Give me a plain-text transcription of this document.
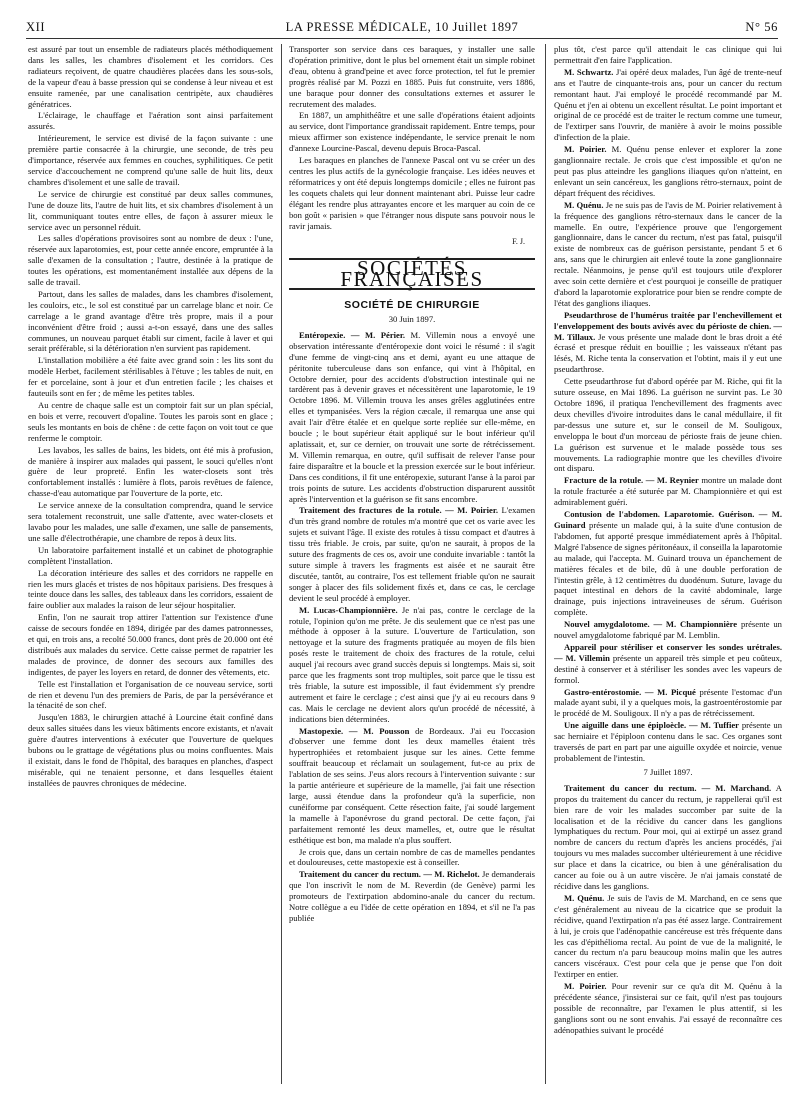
XII	LA PRESSE MÉDICALE, 10 Juillet 1897	N° 56

est assuré par tout un ensemble de radiateurs placés méthodiquement dans les salles, les chambres d'isolement et les corridors. Ces radiateurs reçoivent, de quatre chaudières placées dans les sous-sols, de la vapeur d'eau à basse pression qui se condense à leur niveau et est ensuite ramenée, par une canalisation centripète, aux chaudières génératrices.

L'éclairage, le chauffage et l'aération sont ainsi parfaitement assurés.

Intérieurement, le service est divisé de la façon suivante : une première partie consacrée à la chirurgie, une seconde, de très peu d'importance, réservée aux femmes en couches, syphilitiques. Ce petit service d'accouchement ne comprend qu'une salle de huit lits, deux chambres d'isolement et une salle de travail.

Le service de chirurgie est constitué par deux salles communes, l'une de douze lits, l'autre de huit lits, et six chambres d'isolement à un lit, communiquant toutes entre elles, de façon à assurer mieux le service avec un personnel réduit.

Les salles d'opérations provisoires sont au nombre de deux : l'une, réservée aux laparotomies, est, pour cette année encore, empruntée à la salle d'examen de la consultation ; l'autre, destinée à la pratique de toutes les opérations, est momentanément installée aux dépens de la salle de travail.

Partout, dans les salles de malades, dans les chambres d'isolement, les couloirs, etc., le sol est constitué par un carrelage blanc et noir. Ce carrelage a le grand avantage d'être très propre, mais il a pour inconvénient d'être froid ; aussi a-t-on essayé, dans une des salles communes, un nouveau parquet établi sur ciment, facile à laver et qui serait préférable, si la détérioration n'en survient pas rapidement.

L'installation mobilière a été faite avec grand soin : les lits sont du modèle Herbet, facilement stérilisables à l'étuve ; les tables de nuit, en fer et porcelaine, sont à jour et d'un entretien facile ; les chaises et fauteuils sont en fer ; de même les petites tables.

Au centre de chaque salle est un comptoir fait sur un plan spécial, en bois et verre, recouvert d'opaline. Toutes les parois sont en glace ; seuls les montants en bois de chêne : de cette façon on voit tout ce que renferme le comptoir.

Les lavabos, les salles de bains, les bidets, ont été mis à profusion, de manière à inspirer aux malades qui passent, le souci qu'elles n'ont guère de leur propreté. Enfin les water-closets sont très confortablement installés : lumière à flots, parois revêtues de faïence, chasse-d'eau automatique par l'ouverture de la porte, etc.

Le service annexe de la consultation comprendra, quand le service sera totalement reconstruit, une salle d'attente, avec water-closets et lavabo pour les malades, une salle d'examen, une salle de pansements, une salle d'électrothérapie, une chambre de repos à deux lits.

Un laboratoire parfaitement installé et un cabinet de photographie complètent l'installation.

La décoration intérieure des salles et des corridors ne rappelle en rien les murs glacés et tristes de nos hôpitaux parisiens. Des fresques à teinte douce dans les salles, des tableaux dans les corridors, essaient de faire oublier aux malades la raison de leur séjour hospitalier.

Enfin, l'on ne saurait trop attirer l'attention sur l'existence d'une caisse de secours fondée en 1894, dirigée par des dames patronnesses, et qui, en trois ans, a recolté 50.000 francs, dont près de 20.000 ont été distribués aux malades du service. Cette caisse permet de rapatrier les malades de province, de donner des secours aux familles des indigentes, de payer les loyers en retard, de donner des vêtements, etc.

Telle est l'installation et l'organisation de ce nouveau service, sorti de rien et devenu l'un des premiers de Paris, de par la persévérance et la ténacité de son chef.

Jusqu'en 1883, le chirurgien attaché à Lourcine était confiné dans deux salles situées dans les vieux bâtiments encore existants, et n'avait guère d'autres interventions à exécuter que l'ouverture de quelques bubons ou le grattage de végétations plus ou moins confluentes. Mais il existait, dans le fond de l'hôpital, des baraques en planches, d'aspect misérable, qui ne tenaient personne, et dans lesquelles étaient installées de pauvres chroniques de médecine.

Transporter son service dans ces baraques, y installer une salle d'opération primitive, dont le plus bel ornement était un simple robinet d'eau, obtenu à grand'peine et avec force protection, tel fut le premier progrès réalisé par M. Pozzi en 1885. Puis fut construite, vers 1886, une baraque pour donner des consultations externes et assurer le recrutement des malades.

En 1887, un amphithéâtre et une salle d'opérations étaient adjoints au service, dont l'importance grandissait rapidement. Entre temps, pour mieux affirmer son existence indépendante, le service prenait le nom d'annexe Lourcine-Pascal, devenu depuis Broca-Pascal.

Les baraques en planches de l'annexe Pascal ont vu se créer un des centres les plus actifs de la gynécologie française. Les idées neuves et réformatrices y ont été depuis longtemps domicile ; elles ne fuiront pas les coquets chalets qui leur donnent maintenant abri. Puisse leur cadre élégant les rendre plus attrayantes encore et les marquer au coin de ce bon goût « parisien » que l'étranger nous dispute sans pouvoir nous le ravir jamais.

F. J.

SOCIÉTÉS FRANÇAISES
SOCIÉTÉ DE CHIRURGIE

30 Juin 1897.

Entéropexie. — M. Périer. M. Villemin nous a envoyé une observation intéressante d'entéropexie dont voici le résumé : il s'agit d'une femme de vingt-cinq ans et demi, ayant eu une attaque de péritonite tuberculeuse dans son enfance, qui vint à l'hôpital, en Octobre dernier, pour des accidents d'obstruction intestinale qui ne tardèrent pas à devenir graves et nécessitèrent une laparotomie, le 19 Octobre 1896. M. Villemin trouva les anses grêles agglutinées entre elles et tympanisées. Vers la région cæcale, il remarqua une anse qui avait l'air d'être étalée et en quelque sorte repliée sur elle-même, en boucle ; le bout supérieur était appliqué sur le bout inférieur qu'il aplatissait, et, sur ce dernier, on trouvait une sorte de rétrécissement. M. Villemin remarqua, en outre, qu'il suffisait de relever l'anse pour faire disparaître et la boucle et la pression exercée sur le bout inférieur. Dans ces conditions, il fit une entéropexie, suturant l'anse à la paroi par trois points de suture. Les accidents d'obstruction disparurent aussitôt après l'intervention et la guérison se fit sans encombre.

Traitement des fractures de la rotule. — M. Poirier. L'examen d'un très grand nombre de rotules m'a montré que cet os varie avec les sujets et suivant l'âge. Il existe des rotules à tissu compact et d'autres à tissu très friable. Je crois, par suite, qu'on ne saurait, à propos de la suture des fragments de ces os, avoir une conduite invariable : tantôt la suture simple à travers les fragments est aisée et ne saurait être discutée, tantôt, au contraire, l'os est tellement friable qu'on ne saurait songer à placer des fils solidement fixés et, dans ce cas, le cerclage devient le seul procédé à employer.

M. Lucas-Championnière. Je n'ai pas, contre le cerclage de la rotule, l'opinion qu'on me prête. Je dis seulement que ce n'est pas une méthode à opposer à la suture. L'ouverture de l'articulation, son nettoyage et la suture des fragments pratiquée au moyen de fils bien posés reste le traitement de choix des fractures de la rotule, celui auquel j'ai recours avec grand succès depuis si longtemps. Mais si, soit parce que les fragments sont trop multiples, soit parce que le tissu est très friable, la suture est impossible, il faut évidemment s'y prendre autrement et faire le cerclage ; c'est ainsi que j'y ai eu recours dans 9 cas. Mais le cerclage ne devient alors qu'un procédé de nécessité, à indications bien déterminées.

Mastopexie. — M. Pousson de Bordeaux. J'ai eu l'occasion d'observer une femme dont les deux mamelles étaient très hypertrophiées et retombaient jusque sur les aines. Cette femme souffrait beaucoup et réclamait un soulagement, fut-ce au prix de l'ablation de ses seins. J'eus alors recours à l'intervention suivante : sur la partie antérieure et supérieure de la mamelle, j'ai fait une résection large, aussi étendue dans la profondeur qu'à la superficie, non cunéiforme par conséquent. Cette résection faite, j'ai soudé largement la mamelle à l'aponévrose du grand pectoral. De cette façon, j'ai parfaitement remonté les deux mamelles, et, outre que le résultat esthétique est bon, ma malade n'a plus souffert.

Je crois que, dans un certain nombre de cas de mamelles pendantes et douloureuses, cette mastopexie est à conseiller.

Traitement du cancer du rectum. — M. Richelot. Je demanderais que l'on inscrivît le nom de M. Reverdin (de Genève) parmi les promoteurs de l'extirpation abdomino-anale du cancer du rectum. Notre collègue a eu l'idée de cette opération en 1894, et s'il ne l'a pas publiée

plus tôt, c'est parce qu'il attendait le cas clinique qui lui permettrait d'en faire l'application.

M. Schwartz. J'ai opéré deux malades, l'un âgé de trente-neuf ans et l'autre de cinquante-trois ans, pour un cancer du rectum remontant haut. J'ai employé le procédé recommandé par M. Quénu et j'en ai obtenu un excellent résultat. Le point important et original de ce procédé est de traiter le rectum comme une tumeur, de l'extirper sans l'ouvrir, de manière à avoir le moins possible d'infection de la plaie.

M. Poirier. M. Quénu pense enlever et explorer la zone ganglionnaire rectale. Je crois que c'est impossible et qu'on ne peut pas plus atteindre les ganglions iliaques qu'on n'atteint, en enlevant un sein cancéreux, les ganglions rétro-sternaux, point de départ fréquent des récidives.

M. Quénu. Je ne suis pas de l'avis de M. Poirier relativement à la fréquence des ganglions rétro-sternaux dans le cancer de la mamelle. En outre, l'expérience prouve que l'engorgement ganglionnaire, dans le cancer du rectum, n'est pas fatal, puisqu'il existe de nombreux cas de guérison persistante, pendant 5 et 6 ans, sans que le chirurgien ait enlevé toute la zone ganglionnaire rectale. Néanmoins, je pense qu'il est toujours utile d'explorer avec soin cette dernière et c'est pourquoi je conseille de pratiquer d'abord la laparotomie exploratrice pour bien se rendre compte de l'état des ganglions iliaques.

Pseudarthrose de l'humérus traitée par l'enchevillement et l'enveloppement des bouts avivés avec du périoste de chien. — M. Tillaux. Je vous présente une malade dont le bras droit a été écrasé et presque réduit en bouillie ; les vaisseaux n'étant pas lésés, M. Riche tenta la conservation et l'obtint, mais il y eut une pseudarthrose.

Cette pseudarthrose fut d'abord opérée par M. Riche, qui fit la suture osseuse, en Mai 1896. La guérison ne survint pas. Le 30 Octobre 1896, il pratiqua l'enchevillement des fragments avec deux chevilles d'ivoire introduites dans le canal médullaire, il fit par-dessus une suture et, sur le conseil de M. Souligoux, enveloppa le bout d'un morceau de périoste frais de jeune chien. La guérison est survenue et le malade possède tous ses mouvements. La radiographie montre que les chevilles d'ivoire ont disparu.

Fracture de la rotule. — M. Reynier montre un malade dont la rotule fracturée a été suturée par M. Championnière et qui est admirablement guéri.

Contusion de l'abdomen. Laparotomie. Guérison. — M. Guinard présente un malade qui, à la suite d'une contusion de l'abdomen, fut apporté presque immédiatement après à l'hôpital. Malgré l'absence de signes péritonéaux, il conseilla la laparotomie au malade, qui l'accepta. M. Guinard trouva un épanchement de matières fécales et de bile, dû à une double perforation de l'intestin grêle, à 12 centimètres du duodénum. Suture, lavage du paquet intestinal en dehors de la cavité abdominale, large drainage, puis injections intraveineuses de sérum. Guérison complète.

Nouvel amygdalotome. — M. Championnière présente un nouvel amygdalotome fabriqué par M. Lemblin.

Appareil pour stériliser et conserver les sondes urétrales. — M. Villemin présente un appareil très simple et peu coûteux, destiné à conserver et à stériliser les sondes avec les vapeurs de formol.

Gastro-entérostomie. — M. Picqué présente l'estomac d'un malade ayant subi, il y a quelques mois, la gastroentérostomie par le procédé de M. Souligoux. Il n'y a pas de rétrécissement.

Une aiguille dans une épiploècle. — M. Tuffier présente un sac herniaire et l'épiploon contenu dans le sac. Ces organes sont traversés de part en part par une aiguille oxydée et noircie, venue probablement de l'intestin.

7 Juillet 1897.

Traitement du cancer du rectum. — M. Marchand. A propos du traitement du cancer du rectum, je rappellerai qu'il est bien rare de voir les malades succomber par suite de la localisation et de la récidive du cancer dans les ganglions lymphatiques du rectum. Pour moi, qui ai extirpé un assez grand nombre de cancers du rectum d'après les anciens procédés, j'ai toujours vu mes malades succomber ultérieurement à une récidive sur place et dans la cicatrice, ou bien à une généralisation du cancer au foie ou à un autre viscère. Je n'ai jamais constaté de récidive dans les ganglions.

M. Quénu. Je suis de l'avis de M. Marchand, en ce sens que c'est généralement au niveau de la cicatrice que se produit la récidive, quand l'extirpation n'a pas été assez large. Contrairement à lui, je crois que l'adénopathie cancéreuse est très fréquente dans les cas d'épithélioma rectal. Au point de vue de la malignité, le cancer du rectum n'a paru beaucoup moins malin que les autres cancers viscéraux. C'est pour cela que je pense que l'on doit l'extirper en entier.

M. Poirier. Pour revenir sur ce qu'a dit M. Quénu à la précédente séance, j'insisterai sur ce fait, qu'il n'est pas toujours possible de reconnaître, par l'examen le plus attentif, si les ganglions sont ou ne sont envahis. J'ai essayé de reconnaître ces adénopathies suivant le procédé
